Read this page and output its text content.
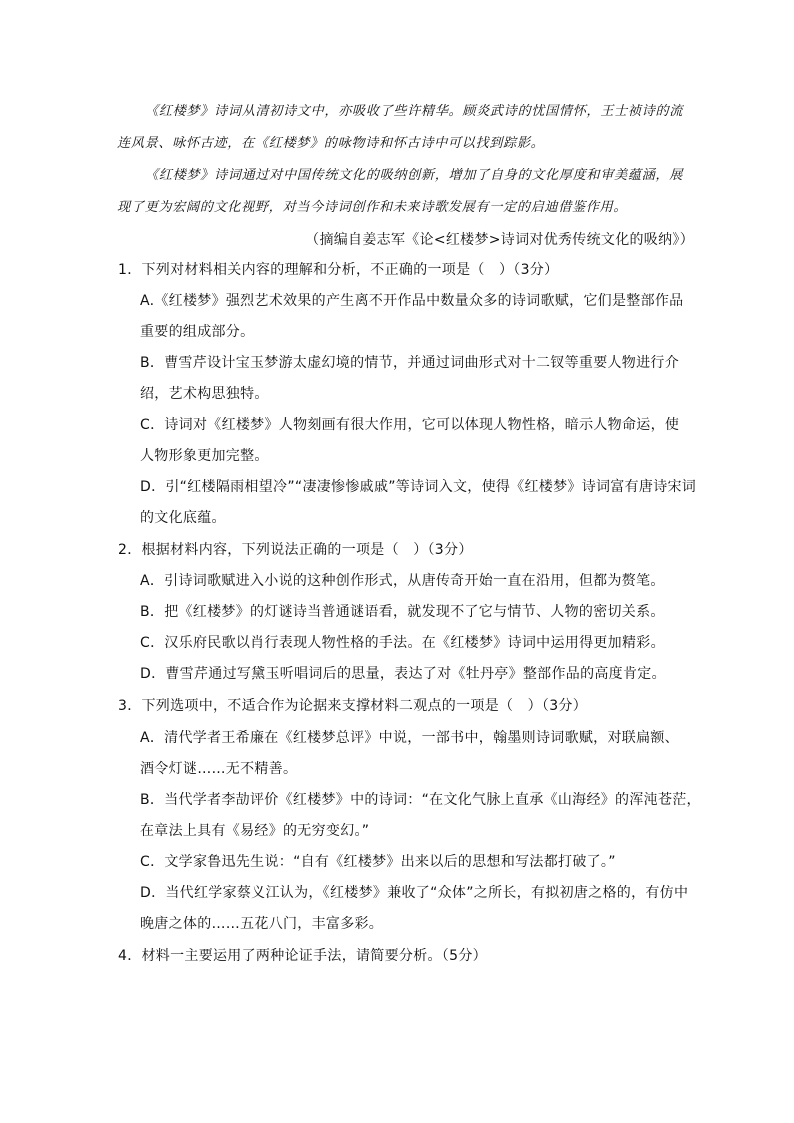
《红楼梦》诗词从清初诗文中，亦吸收了些许精华。顾炎武诗的忧国情怀，王士祯诗的流连风景、咏怀古迹，在《红楼梦》的咏物诗和怀古诗中可以找到踪影。
《红楼梦》诗词通过对中国传统文化的吸纳创新，增加了自身的文化厚度和审美蕴涵，展现了更为宏阔的文化视野，对当今诗词创作和未来诗歌发展有一定的启迪借鉴作用。
（摘编自姜志军《论<红楼梦>诗词对优秀传统文化的吸纳》）
1．下列对材料相关内容的理解和分析，不正确的一项是（　）（3分）
A.《红楼梦》强烈艺术效果的产生离不开作品中数量众多的诗词歌赋，它们是整部作品
重要的组成部分。
B．曹雪芹设计宝玉梦游太虚幻境的情节，并通过词曲形式对十二钗等重要人物进行介
绍，艺术构思独特。
C．诗词对《红楼梦》人物刻画有很大作用，它可以体现人物性格，暗示人物命运，使
人物形象更加完整。
D．引“红楼隔雨相望冷”“凄凄惨惨戚戚”等诗词入文，使得《红楼梦》诗词富有唐诗宋词
的文化底蕴。
2．根据材料内容，下列说法正确的一项是（　）（3分）
A．引诗词歌赋进入小说的这种创作形式，从唐传奇开始一直在沿用，但都为赘笔。
B．把《红楼梦》的灯谜诗当普通谜语看，就发现不了它与情节、人物的密切关系。
C．汉乐府民歌以肖行表现人物性格的手法。在《红楼梦》诗词中运用得更加精彩。
D．曹雪芹通过写黛玉听唱词后的思量，表达了对《牡丹亭》整部作品的高度肯定。
3．下列选项中，不适合作为论据来支撑材料二观点的一项是（　）（3分）
A．清代学者王希廉在《红楼梦总评》中说，一部书中，翰墨则诗词歌赋，对联扁额、
酒令灯谜……无不精善。
B．当代学者李劼评价《红楼梦》中的诗词：“在文化气脉上直承《山海经》的浑沌苍茫，
在章法上具有《易经》的无穷变幻。”
C．文学家鲁迅先生说：“自有《红楼梦》出来以后的思想和写法都打破了。”
D．当代红学家蔡义江认为，《红楼梦》兼收了“众体”之所长，有拟初唐之格的，有仿中
晚唐之体的……五花八门，丰富多彩。
4．材料一主要运用了两种论证手法，请简要分析。（5分）
